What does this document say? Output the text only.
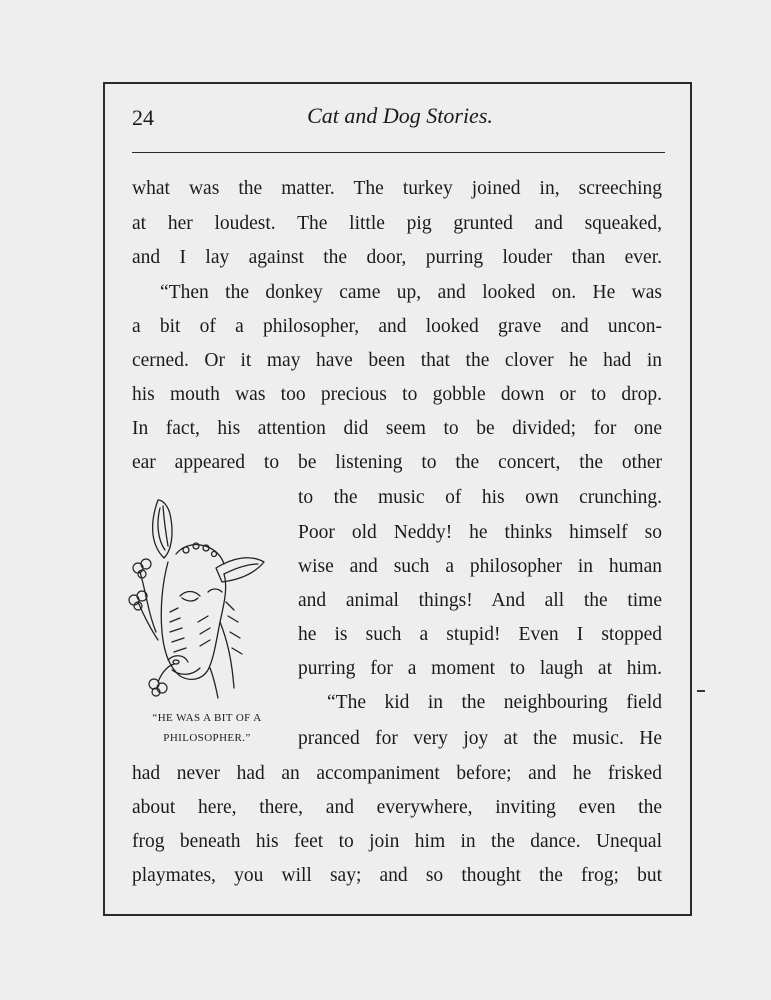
24	Cat and Dog Stories.
what was the matter. The turkey joined in, screeching
at her loudest. The little pig grunted and squeaked,
and I lay against the door, purring louder than ever.
“Then the donkey came up, and looked on. He was
a bit of a philosopher, and looked grave and uncon-
cerned. Or it may have been that the clover he had in
his mouth was too precious to gobble down or to drop.
In fact, his attention did seem to be divided; for one
ear appeared to be listening to the concert, the other
to the music of his own crunching.
Poor old Neddy! he thinks himself so
wise and such a philosopher in human
and animal things! And all the time
he is such a stupid! Even I stopped
purring for a moment to laugh at him.
“The kid in the neighbouring field
pranced for very joy at the music. He
had never had an accompaniment before; and he frisked
about here, there, and everywhere, inviting even the
frog beneath his feet to join him in the dance. Unequal
playmates, you will say; and so thought the frog; but
“HE WAS A BIT OF A
PHILOSOPHER.”
